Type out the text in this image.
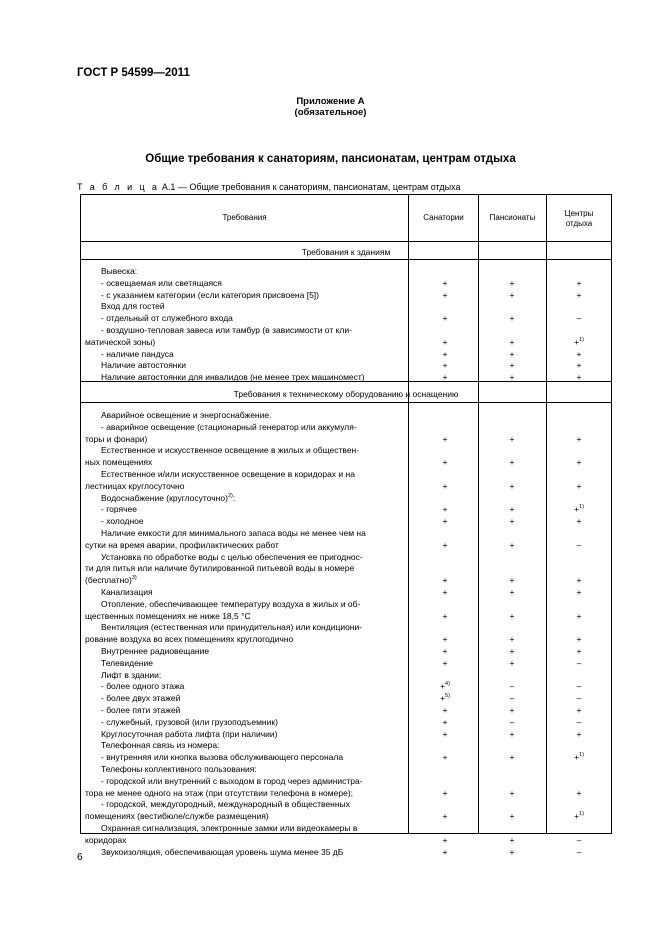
ГОСТ Р 54599—2011
Приложение А
(обязательное)
Общие требования к санаториям, пансионатам, центрам отдыха
Т а б л и ц а А.1 — Общие требования к санаториям, пансионатам, центрам отдыха
Требования	Санатории	Пансионаты	Центры
отдыха
Требования к зданиям
Вывеска:
- освещаемая или светящаяся	+	+	+
- с указанием категории (если категория присвоена [5])	+	+	+
Вход для гостей
- отдельный от служебного входа	+	+	–
- воздушно-тепловая завеса или тамбур (в зависимости от кли-
матической зоны)	+	+	+$^{1)}$
- наличие пандуса	+	+	+
Наличие автостоянки	+	+	+
Наличие автостоянки для инвалидов (не менее трех машиномест)	+	+	+
Требования к техническому оборудованию и оснащению
Аварийное освещение и энергоснабжение.
- аварийное освещение (стационарный генератор или аккумуля-
торы и фонари)	+	+	+
Естественное и искусственное освещение в жилых и обществен-
ных помещениях	+	+	+
Естественное и/или искусственное освещение в коридорах и на
лестницах круглосуточно	+	+	+
Водоснабжение (круглосуточно)$^{2)}$:
- горячее	+	+	+$^{1)}$
- холодное	+	+	+
Наличие емкости для минимального запаса воды не менее чем на
сутки на время аварии, профилактических работ	+	+	–
Установка по обработке воды с целью обеспечения ее пригоднос-
ти для питья или наличие бутилированной питьевой воды в номере
(бесплатно)$^{3)}$	+	+	+
Канализация	+	+	+
Отопление, обеспечивающее температуру воздуха в жилых и об-
щественных помещениях не ниже 18,5 °С	+	+	+
Вентиляция (естественная или принудительная) или кондициони-
рование воздуха во всех помещениях круглогодично	+	+	+
Внутреннее радиовещание	+	+	+
Телевидение	+	+	–
Лифт в здании:
- более одного этажа	+$^{4)}$	–	–
- более двух этажей	+$^{5)}$	–	–
- более пяти этажей	+	+	+
- служебный, грузовой (или грузоподъемник)	+	–	–
Круглосуточная работа лифта (при наличии)	+	+	+
Телефонная связь из номера:
- внутренняя или кнопка вызова обслуживающего персонала	+	+	+$^{1)}$
Телефоны коллективного пользования:
- городской или внутренний с выходом в город через администра-
тора не менее одного на этаж (при отсутствии телефона в номере);	+	+	+
- городской, междугородный, международный в общественных
помещениях (вестибюле/службе размещения)	+	+	+$^{1)}$
Охранная сигнализация, электронные замки или видеокамеры в
коридорах	+	+	–
Звукоизоляция, обеспечивающая уровень шума менее 35 дБ	+	+	–
6
